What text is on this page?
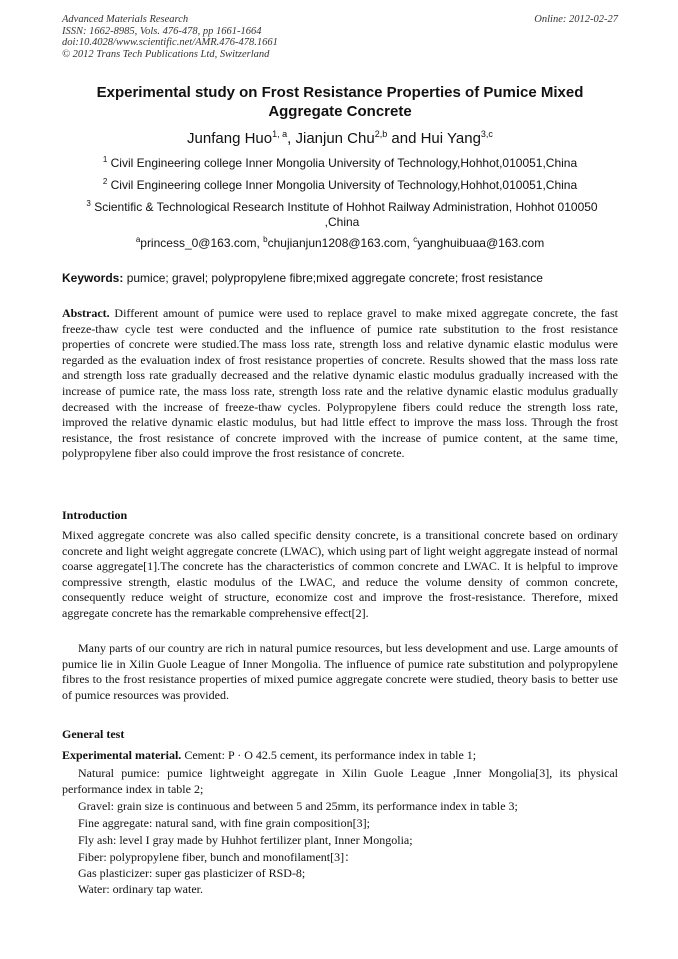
Advanced Materials Research
ISSN: 1662-8985, Vols. 476-478, pp 1661-1664
doi:10.4028/www.scientific.net/AMR.476-478.1661
© 2012 Trans Tech Publications Ltd, Switzerland
Online: 2012-02-27
Experimental study on Frost Resistance Properties of Pumice Mixed Aggregate Concrete
Junfang Huo$^{1, a}$, Jianjun Chu$^{2,b}$ and Hui Yang$^{3,c}$
$^1$ Civil Engineering college Inner Mongolia University of Technology,Hohhot,010051,China
$^2$ Civil Engineering college Inner Mongolia University of Technology,Hohhot,010051,China
$^3$ Scientific & Technological Research Institute of Hohhot Railway Administration, Hohhot 010050 ,China
$^a$princess_0@163.com, $^b$chujianjun1208@163.com, $^c$yanghuibuaa@163.com
Keywords: pumice; gravel; polypropylene fibre;mixed aggregate concrete; frost resistance

Abstract. Different amount of pumice were used to replace gravel to make mixed aggregate concrete, the fast freeze-thaw cycle test were conducted and the influence of pumice rate substitution to the frost resistance properties of concrete were studied.The mass loss rate, strength loss and relative dynamic elastic modulus were regarded as the evaluation index of frost resistance properties of concrete. Results showed that the mass loss rate and strength loss rate gradually decreased and the relative dynamic elastic modulus gradually increased with the increase of pumice rate, the mass loss rate, strength loss rate and the relative dynamic elastic modulus gradually decreased with the increase of freeze-thaw cycles. Polypropylene fibers could reduce the strength loss rate, improved the relative dynamic elastic modulus, but had little effect to improve the mass loss. Through the frost resistance, the frost resistance of concrete improved with the increase of pumice content, at the same time, polypropylene fiber also could improve the frost resistance of concrete.

Introduction

Mixed aggregate concrete was also called specific density concrete, is a transitional concrete based on ordinary concrete and light weight aggregate concrete (LWAC), which using part of light weight aggregate instead of normal coarse aggregate[1].The concrete has the characteristics of common concrete and LWAC. It is helpful to improve compressive strength, elastic modulus of the LWAC, and reduce the volume density of common concrete, consequently reduce weight of structure, economize cost and improve the frost-resistance. Therefore, mixed aggregate concrete has the remarkable comprehensive effect[2].

Many parts of our country are rich in natural pumice resources, but less development and use. Large amounts of pumice lie in Xilin Guole League of Inner Mongolia. The influence of pumice rate substitution and polypropylene fibres to the frost resistance properties of mixed pumice aggregate concrete were studied, theory basis to better use of pumice resources was provided.

General test

Experimental material. Cement: P · O 42.5 cement, its performance index in table 1;

Natural pumice: pumice lightweight aggregate in Xilin Guole League ,Inner Mongolia[3], its physical performance index in table 2;

Gravel: grain size is continuous and between 5 and 25mm, its performance index in table 3;

Fine aggregate: natural sand, with fine grain composition[3];

Fly ash: level I gray made by Huhhot fertilizer plant, Inner Mongolia;

Fiber: polypropylene fiber, bunch and monofilament[3]：

Gas plasticizer: super gas plasticizer of RSD-8;

Water: ordinary tap water.
